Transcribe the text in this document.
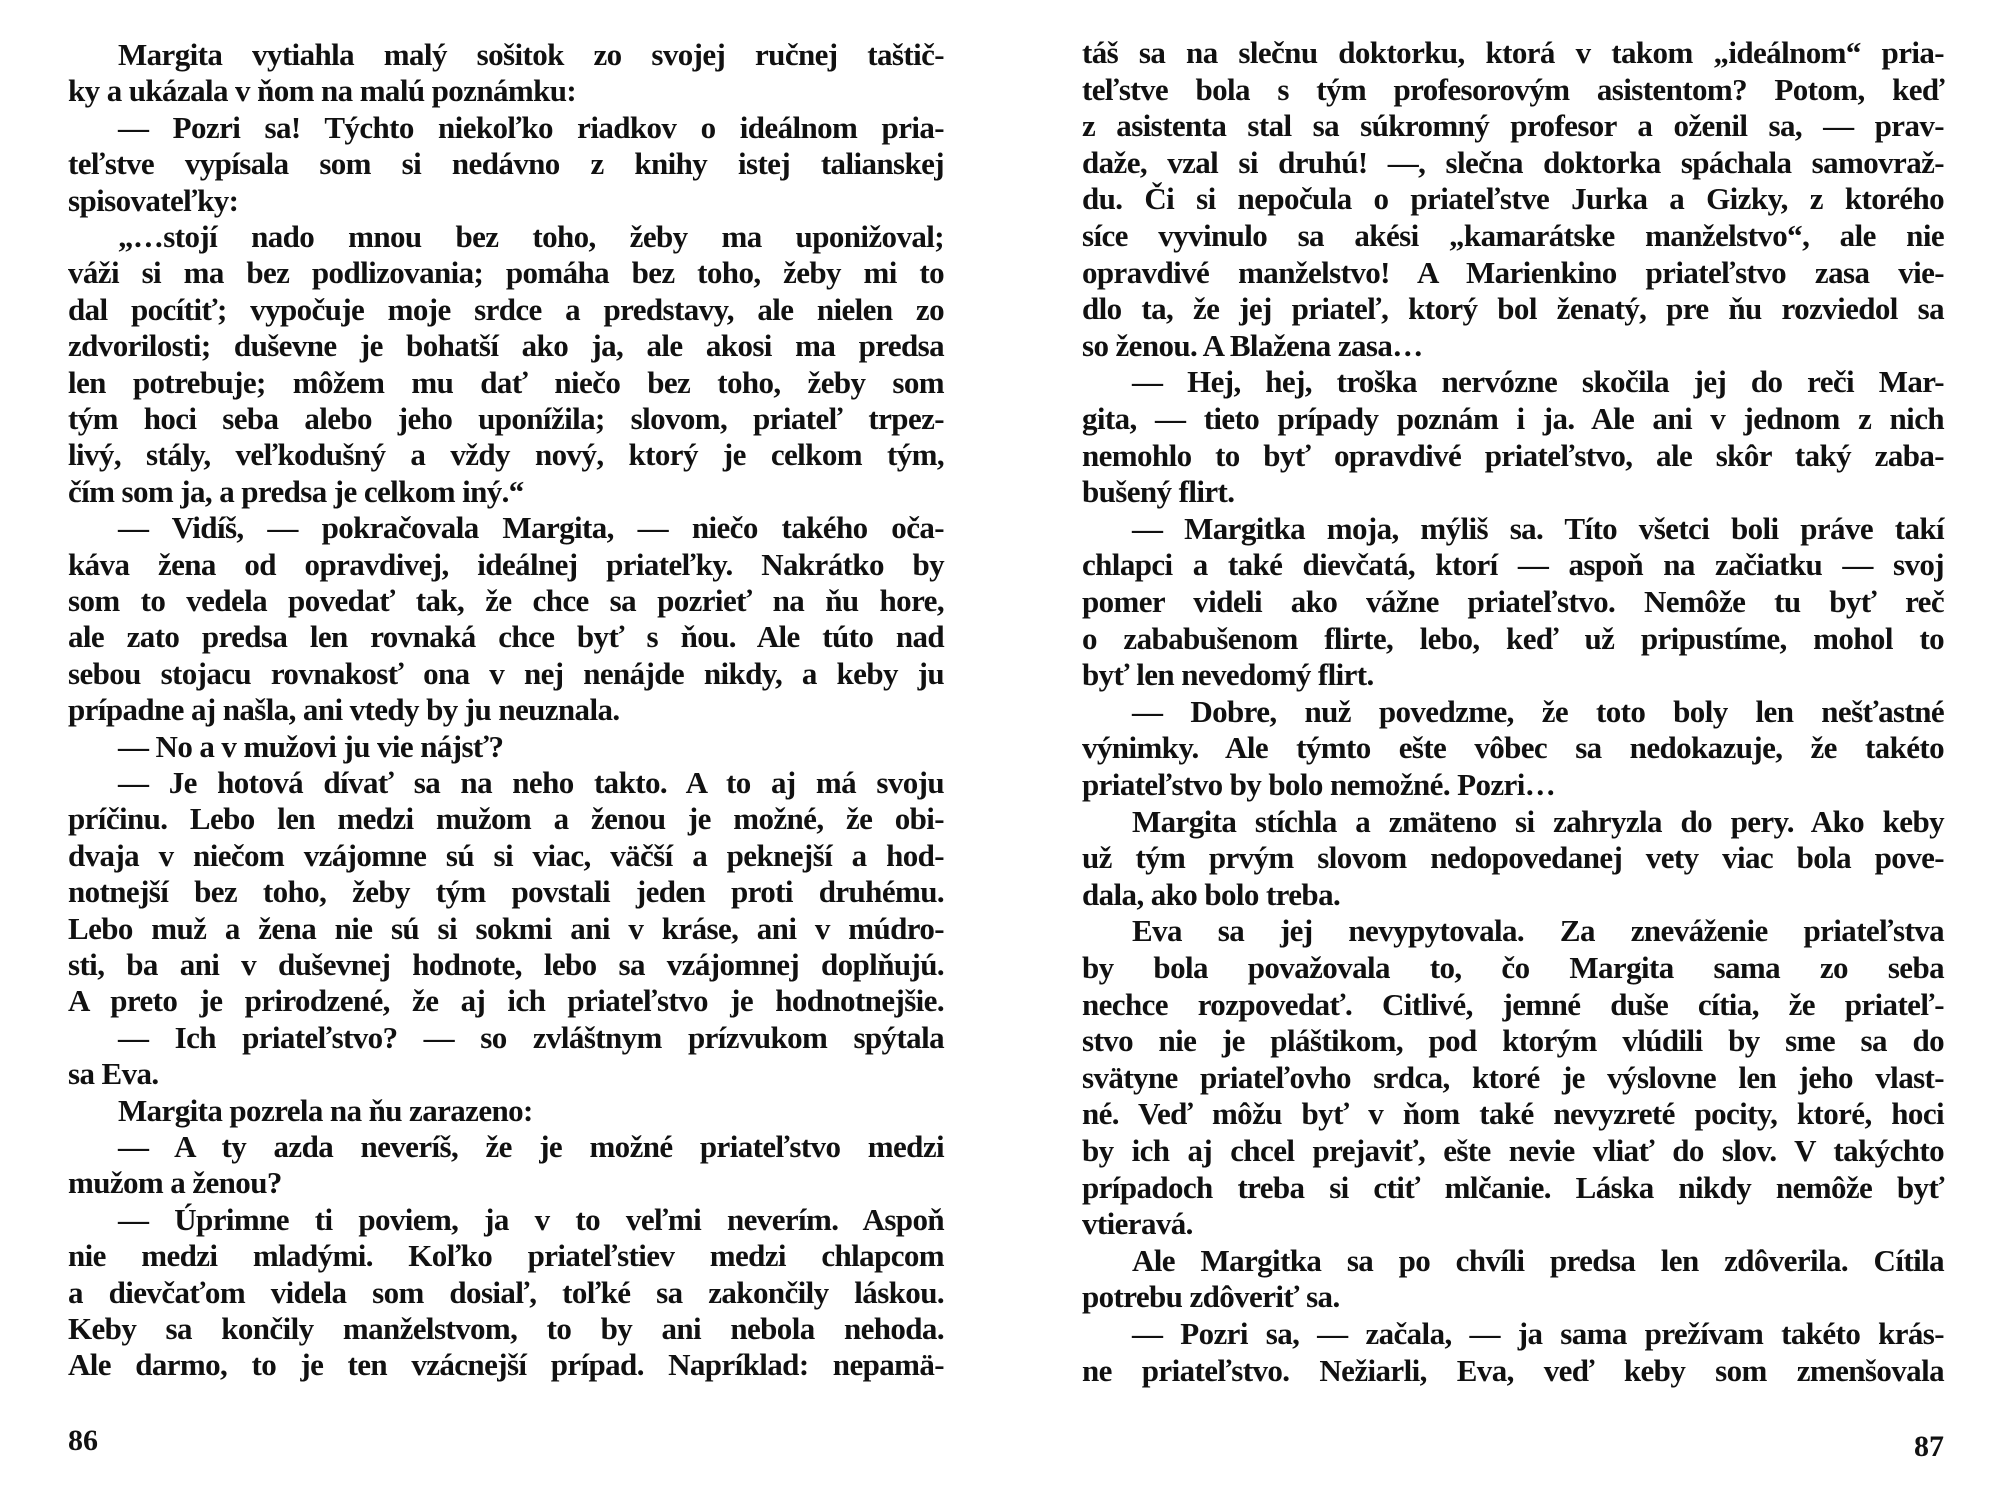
Margita vytiahla malý sošitok zo svojej ručnej taštič-
ky a ukázala v ňom na malú poznámku:
— Pozri sa! Týchto niekoľko riadkov o ideálnom pria-
teľstve vypísala som si nedávno z knihy istej talianskej
spisovateľky:
„…stojí nado mnou bez toho, žeby ma uponižoval;
váži si ma bez podlizovania; pomáha bez toho, žeby mi to
dal pocítiť; vypočuje moje srdce a predstavy, ale nielen zo
zdvorilosti; duševne je bohatší ako ja, ale akosi ma predsa
len potrebuje; môžem mu dať niečo bez toho, žeby som
tým hoci seba alebo jeho uponížila; slovom, priateľ trpez-
livý, stály, veľkodušný a vždy nový, ktorý je celkom tým,
čím som ja, a predsa je celkom iný.“
— Vidíš, — pokračovala Margita, — niečo takého oča-
káva žena od opravdivej, ideálnej priateľky. Nakrátko by
som to vedela povedať tak, že chce sa pozrieť na ňu hore,
ale zato predsa len rovnaká chce byť s ňou. Ale túto nad
sebou stojacu rovnakosť ona v nej nenájde nikdy, a keby ju
prípadne aj našla, ani vtedy by ju neuznala.
— No a v mužovi ju vie nájsť?
— Je hotová dívať sa na neho takto. A to aj má svoju
príčinu. Lebo len medzi mužom a ženou je možné, že obi-
dvaja v niečom vzájomne sú si viac, väčší a peknejší a hod-
notnejší bez toho, žeby tým povstali jeden proti druhému.
Lebo muž a žena nie sú si sokmi ani v kráse, ani v múdro-
sti, ba ani v duševnej hodnote, lebo sa vzájomnej doplňujú.
A preto je prirodzené, že aj ich priateľstvo je hodnotnejšie.
— Ich priateľstvo? — so zvláštnym prízvukom spýtala
sa Eva.
Margita pozrela na ňu zarazeno:
— A ty azda neveríš, že je možné priateľstvo medzi
mužom a ženou?
— Úprimne ti poviem, ja v to veľmi neverím. Aspoň
nie medzi mladými. Koľko priateľstiev medzi chlapcom
a dievčaťom videla som dosiaľ, toľké sa zakončily láskou.
Keby sa končily manželstvom, to by ani nebola nehoda.
Ale darmo, to je ten vzácnejší prípad. Napríklad: nepamä-
86
táš sa na slečnu doktorku, ktorá v takom „ideálnom“ pria-
teľstve bola s tým profesorovým asistentom? Potom, keď
z asistenta stal sa súkromný profesor a oženil sa, — prav-
daže, vzal si druhú! —, slečna doktorka spáchala samovraž-
du. Či si nepočula o priateľstve Jurka a Gizky, z ktorého
síce vyvinulo sa akési „kamarátske manželstvo“, ale nie
opravdivé manželstvo! A Marienkino priateľstvo zasa vie-
dlo ta, že jej priateľ, ktorý bol ženatý, pre ňu rozviedol sa
so ženou. A Blažena zasa…
— Hej, hej, troška nervózne skočila jej do reči Mar-
gita, — tieto prípady poznám i ja. Ale ani v jednom z nich
nemohlo to byť opravdivé priateľstvo, ale skôr taký zaba-
bušený flirt.
— Margitka moja, mýliš sa. Títo všetci boli práve takí
chlapci a také dievčatá, ktorí — aspoň na začiatku — svoj
pomer videli ako vážne priateľstvo. Nemôže tu byť reč
o zababušenom flirte, lebo, keď už pripustíme, mohol to
byť len nevedomý flirt.
— Dobre, nuž povedzme, že toto boly len nešťastné
výnimky. Ale týmto ešte vôbec sa nedokazuje, že takéto
priateľstvo by bolo nemožné. Pozri…
Margita stíchla a zmäteno si zahryzla do pery. Ako keby
už tým prvým slovom nedopovedanej vety viac bola pove-
dala, ako bolo treba.
Eva sa jej nevypytovala. Za zneváženie priateľstva
by bola považovala to, čo Margita sama zo seba
nechce rozpovedať. Citlivé, jemné duše cítia, že priateľ-
stvo nie je pláštikom, pod ktorým vlúdili by sme sa do
svätyne priateľovho srdca, ktoré je výslovne len jeho vlast-
né. Veď môžu byť v ňom také nevyzreté pocity, ktoré, hoci
by ich aj chcel prejaviť, ešte nevie vliať do slov. V takýchto
prípadoch treba si ctiť mlčanie. Láska nikdy nemôže byť
vtieravá.
Ale Margitka sa po chvíli predsa len zdôverila. Cítila
potrebu zdôveriť sa.
— Pozri sa, — začala, — ja sama prežívam takéto krás-
ne priateľstvo. Nežiarli, Eva, veď keby som zmenšovala
87
